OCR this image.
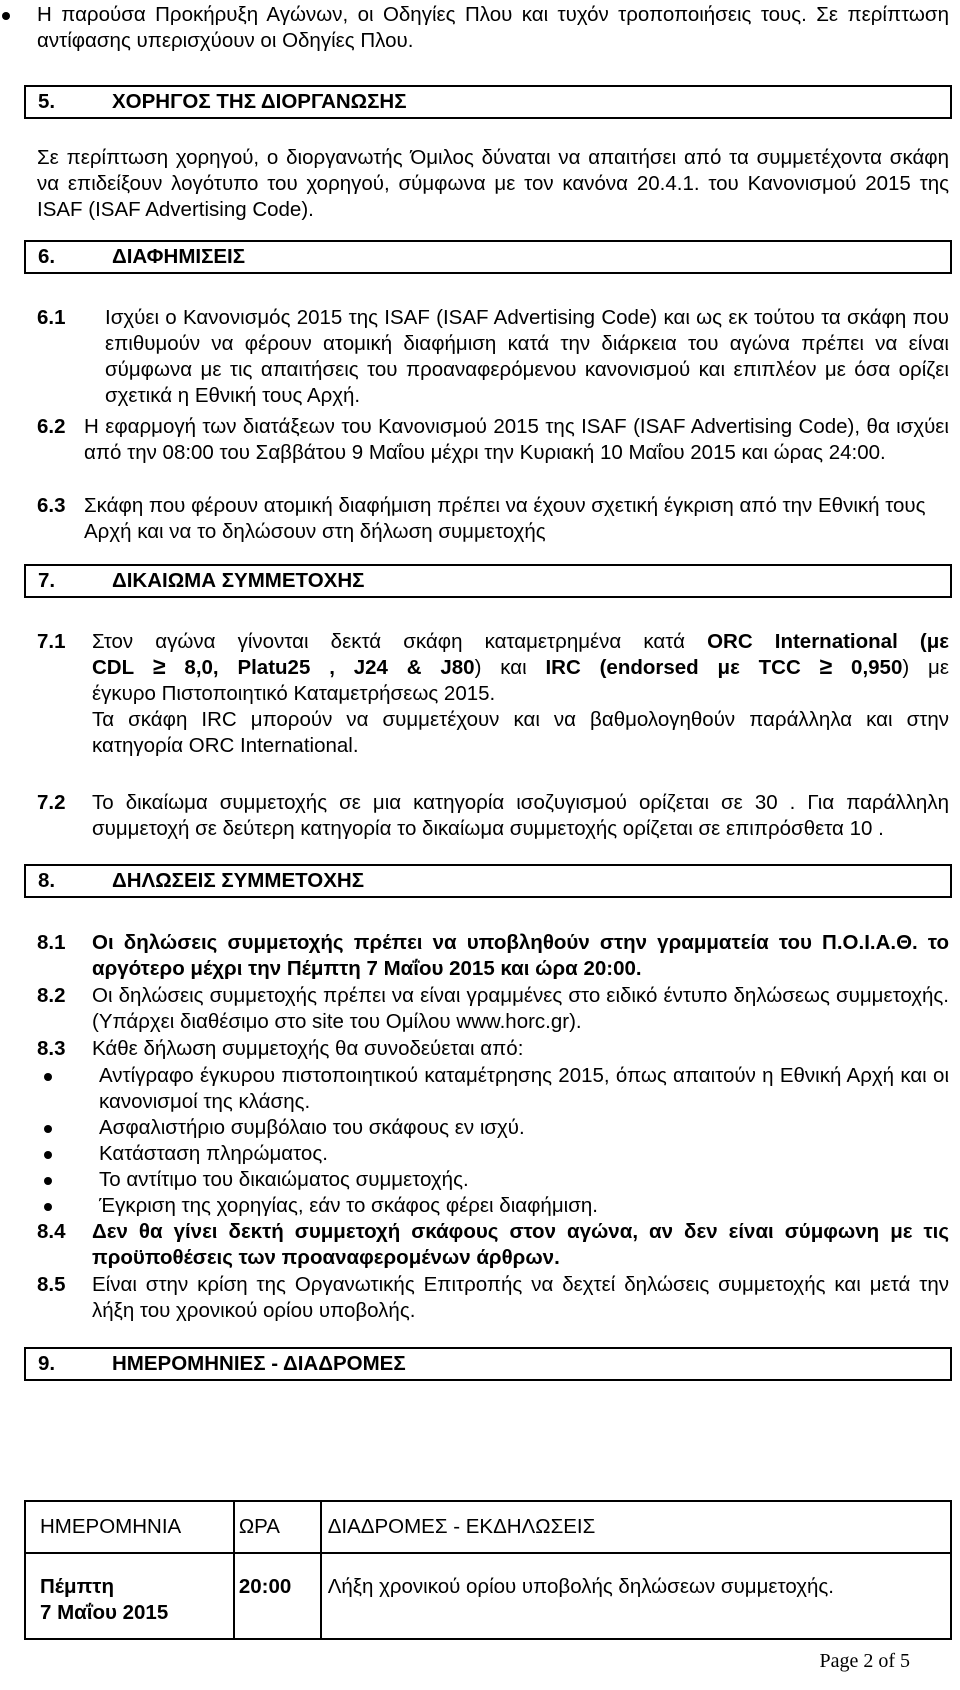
Η παρούσα Προκήρυξη Αγώνων, οι Οδηγίες Πλου και τυχόν τροποποιήσεις τους. Σε περίπτωση αντίφασης υπερισχύουν οι Οδηγίες Πλου.
5.	ΧΟΡΗΓΟΣ ΤΗΣ ΔΙΟΡΓΑΝΩΣΗΣ
Σε περίπτωση χορηγού, ο διοργανωτής Όμιλος δύναται να απαιτήσει από τα συμμετέχοντα σκάφη να επιδείξουν λογότυπο του χορηγού, σύμφωνα με τον κανόνα 20.4.1. του Κανονισμού 2015 της ISAF (ISAF Advertising Code).
6.	ΔΙΑΦΗΜΙΣΕΙΣ
6.1 Ισχύει ο Κανονισμός 2015 της ISAF (ISAF Advertising Code) και ως εκ τούτου τα σκάφη που επιθυμούν να φέρουν ατομική διαφήμιση κατά την διάρκεια του αγώνα πρέπει να είναι σύμφωνα με τις απαιτήσεις του προαναφερόμενου κανονισμού και επιπλέον με όσα ορίζει σχετικά η Εθνική τους Αρχή.
6.2 Η εφαρμογή των διατάξεων του Κανονισμού 2015 της ISAF (ISAF Advertising Code), θα ισχύει από την 08:00 του Σαββάτου 9 Μαΐου μέχρι την Κυριακή 10 Μαΐου 2015 και ώρας 24:00.
6.3 Σκάφη που φέρουν ατομική διαφήμιση πρέπει να έχουν σχετική έγκριση από την Εθνική τους Αρχή και να το δηλώσουν στη δήλωση συμμετοχής
7.	ΔΙΚΑΙΩΜΑ ΣΥΜΜΕΤΟΧΗΣ
7.1 Στον αγώνα γίνονται δεκτά σκάφη καταμετρημένα κατά ORC International (με
CDL ≥ 8,0, Platu25 , J24 & J80) και IRC (endorsed με TCC ≥ 0,950) με
έγκυρο Πιστοποιητικό Καταμετρήσεως 2015.
Τα σκάφη IRC μπορούν να συμμετέχουν και να βαθμολογηθούν παράλληλα και στην κατηγορία ORC International.
7.2 Το δικαίωμα συμμετοχής σε μια κατηγορία ισοζυγισμού ορίζεται σε 30 . Για παράλληλη συμμετοχή σε δεύτερη κατηγορία το δικαίωμα συμμετοχής ορίζεται σε επιπρόσθετα 10 .
8.	ΔΗΛΩΣΕΙΣ ΣΥΜΜΕΤΟΧΗΣ
8.1 Οι δηλώσεις συμμετοχής πρέπει να υποβληθούν στην γραμματεία του Π.Ο.Ι.Α.Θ. το αργότερο μέχρι την Πέμπτη 7 Μαΐου 2015 και ώρα 20:00.
8.2 Οι δηλώσεις συμμετοχής πρέπει να είναι γραμμένες στο ειδικό έντυπο δηλώσεως συμμετοχής. (Υπάρχει διαθέσιμο στο site του Ομίλου www.horc.gr).
8.3 Κάθε δήλωση συμμετοχής θα συνοδεύεται από:
Αντίγραφο έγκυρου πιστοποιητικού καταμέτρησης 2015, όπως απαιτούν η Εθνική Αρχή και οι κανονισμοί της κλάσης.
Ασφαλιστήριο συμβόλαιο του σκάφους εν ισχύ.
Κατάσταση πληρώματος.
Το αντίτιμο του δικαιώματος συμμετοχής.
Έγκριση της χορηγίας, εάν το σκάφος φέρει διαφήμιση.
8.4 Δεν θα γίνει δεκτή συμμετοχή σκάφους στον αγώνα, αν δεν είναι σύμφωνη με τις προϋποθέσεις των προαναφερομένων άρθρων.
8.5 Είναι στην κρίση της Οργανωτικής Επιτροπής να δεχτεί δηλώσεις συμμετοχής και μετά την λήξη του χρονικού ορίου υποβολής.
9.	ΗΜΕΡΟΜΗΝΙΕΣ - ΔΙΑΔΡΟΜΕΣ
ΗΜΕΡΟΜΗΝΙΑ	ΩΡΑ	ΔΙΑΔΡΟΜΕΣ - ΕΚΔΗΛΩΣΕΙΣ

Πέμπτη
7 Μαΐου 2015	20:00	Λήξη χρονικού ορίου υποβολής δηλώσεων συμμετοχής.
Page 2 of 5
